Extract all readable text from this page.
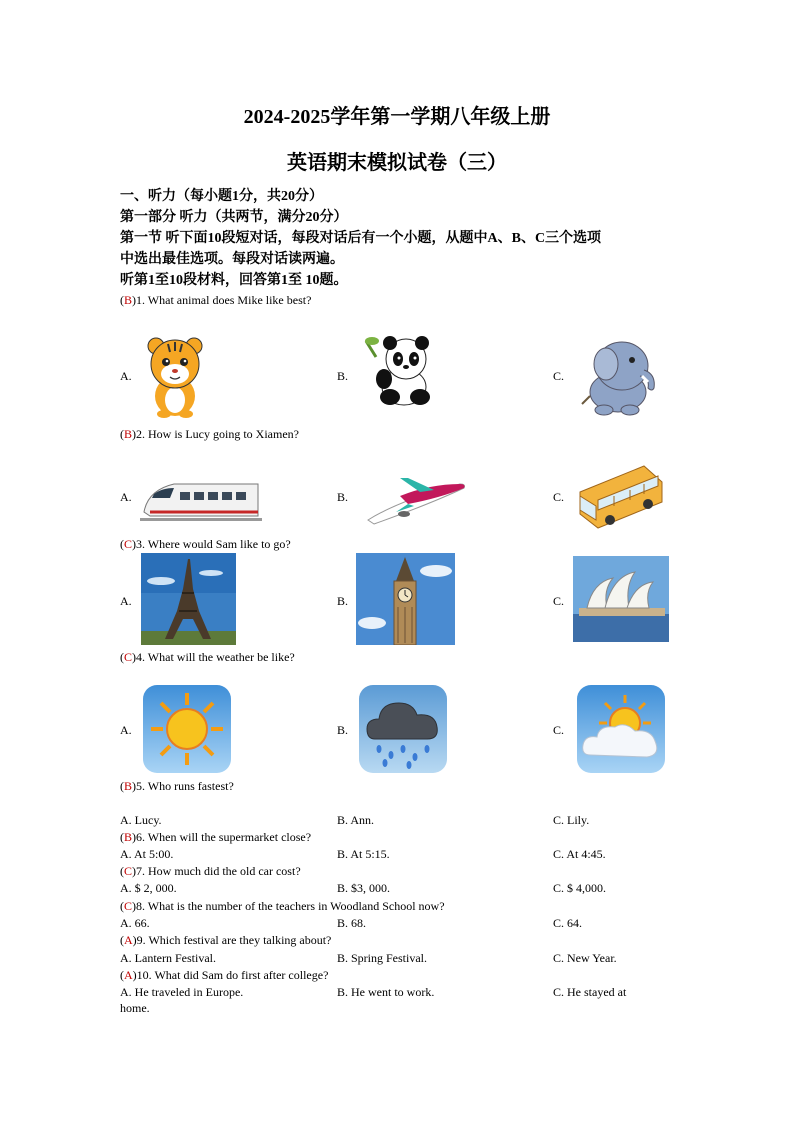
2024-2025学年第一学期八年级上册
英语期末模拟试卷（三）
一、听力（每小题1分，共20分）
第一部分 听力（共两节，满分20分）
第一节 听下面10段短对话，每段对话后有一个小题，从题中A、B、C三个选项
中选出最佳选项。每段对话读两遍。
听第1至10段材料，回答第1至 10题。
(B)1. What animal does Mike like best?
A.	B.	C.
(B)2. How is Lucy going to Xiamen?
A.	B.	C.
(C)3. Where would Sam like to go?
A.	B.	C.
(C)4. What will the weather be like?
A.	B.	C.
(B)5. Who runs fastest?
A. Lucy.	B. Ann.	C. Lily.
(B)6. When will the supermarket close?
A. At 5:00.	B. At 5:15.	C. At 4:45.
(C)7. How much did the old car cost?
A. $ 2, 000.	B. $3, 000.	C. $ 4,000.
(C)8. What is the number of the teachers in Woodland School now?
A. 66.	B. 68.	C. 64.
(A)9. Which festival are they talking about?
A. Lantern Festival.	B. Spring Festival.	C. New Year.
(A)10. What did Sam do first after college?
A. He traveled in Europe.	B. He went to work.	C. He stayed at
home.
